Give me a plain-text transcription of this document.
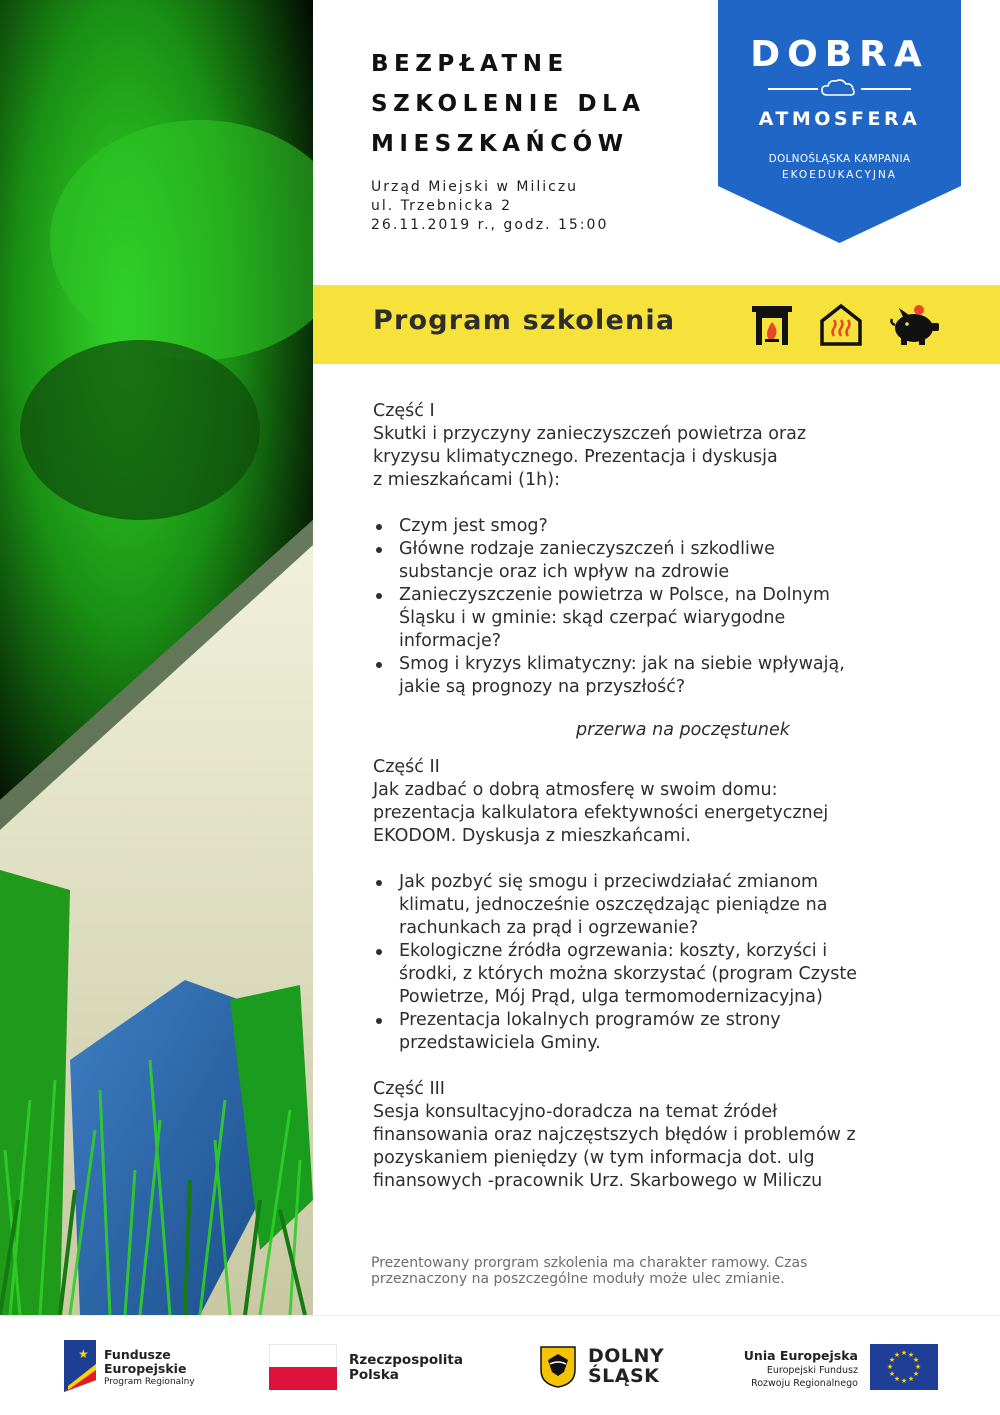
BEZPŁATNE
SZKOLENIE DLA
MIESZKAŃCÓW
Urząd Miejski w Miliczu
ul. Trzebnicka 2
26.11.2019 r., godz. 15:00
DOBRA
ATMOSFERA
DOLNOŚLĄSKA KAMPANIA
EKOEDUKACYJNA
Program szkolenia
Część I
Skutki i przyczyny zanieczyszczeń powietrza oraz
kryzysu klimatycznego. Prezentacja i dyskusja
z mieszkańcami (1h):
Czym jest smog?
Główne rodzaje zanieczyszczeń i szkodliwe
substancje oraz ich wpływ na zdrowie
Zanieczyszczenie powietrza w Polsce, na Dolnym
Śląsku i w gminie: skąd czerpać wiarygodne
informacje?
Smog i kryzys klimatyczny: jak na siebie wpływają,
jakie są prognozy na przyszłość?
przerwa na poczęstunek
Część II
Jak zadbać o dobrą atmosferę w swoim domu:
prezentacja kalkulatora efektywności energetycznej
EKODOM. Dyskusja z mieszkańcami.
Jak pozbyć się smogu i przeciwdziałać zmianom
klimatu, jednocześnie oszczędzając pieniądze na
rachunkach za prąd i ogrzewanie?
Ekologiczne źródła ogrzewania: koszty, korzyści i
środki, z których można skorzystać (program Czyste
Powietrze, Mój Prąd, ulga termomodernizacyjna)
Prezentacja lokalnych programów ze strony
przedstawiciela Gminy.
Część III
Sesja konsultacyjno-doradcza na temat źródeł
finansowania oraz najczęstszych błędów i problemów z
pozyskaniem pieniędzy (w tym informacja dot. ulg
finansowych -pracownik Urz. Skarbowego w Miliczu
Prezentowany prorgram szkolenia ma charakter ramowy. Czas
przeznaczony na poszczególne moduły może ulec zmianie.
★ Fundusze
Europejskie
Program Regionalny
Rzeczpospolita
Polska
DOLNY
ŚLĄSK
Unia Europejska
Europejski Fundusz
Rozwoju Regionalnego
★ ★
★
★
★
★
★
★
★
★
★
★
